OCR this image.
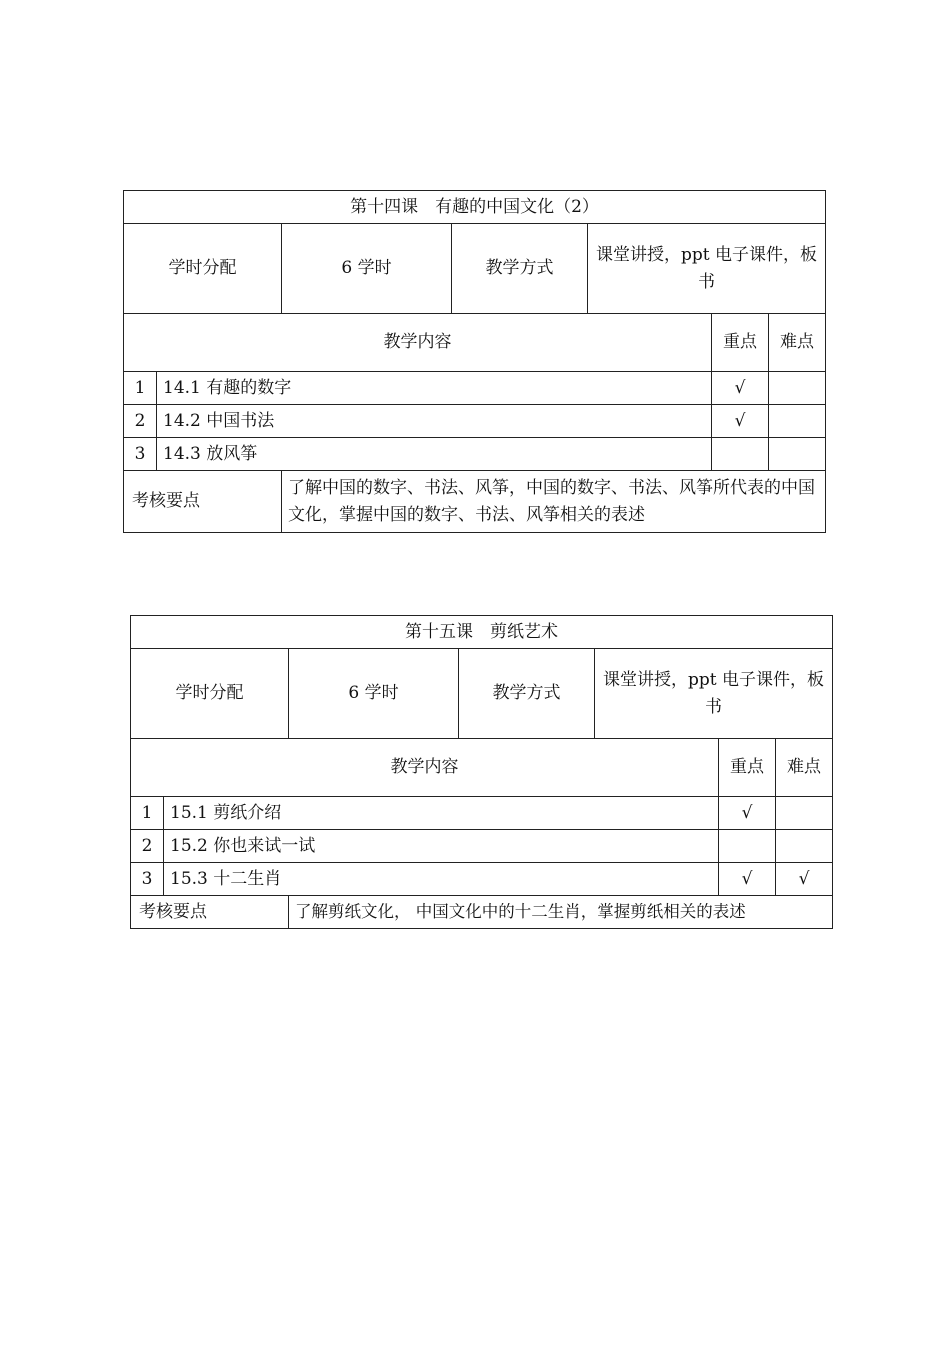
第十四课　有趣的中国文化（2）						
学时分配		6 学时	教学方式	课堂讲授，ppt 电子课件，板书		
教学内容					重点	难点
1	14.1 有趣的数字				√	
2	14.2 中国书法				√	
3	14.3 放风筝					
考核要点		了解中国的数字、书法、风筝，中国的数字、书法、风筝所代表的中国文化，掌握中国的数字、书法、风筝相关的表述				
第十五课　剪纸艺术						
学时分配		6 学时	教学方式	课堂讲授，ppt 电子课件，板书		
教学内容					重点	难点
1	15.1 剪纸介绍				√	
2	15.2 你也来试一试					
3	15.3 十二生肖				√	√
考核要点		了解剪纸文化， 中国文化中的十二生肖，掌握剪纸相关的表述				
